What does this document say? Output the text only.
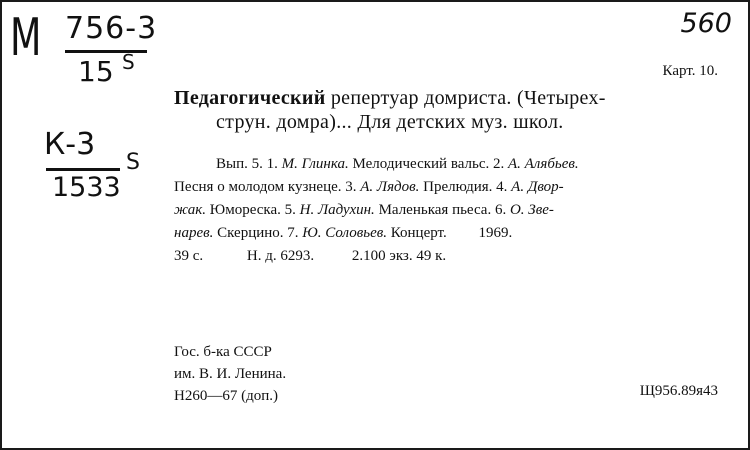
М 756-3
15 S
К-3
1533
S
560
Карт. 10.
Педагогический репертуар домриста. (Четырех-
струн. домра)... Для детских муз. школ.
Вып. 5. 1. М. Глинка. Мелодический вальс. 2. А. Алябьев.
Песня о молодом кузнеце. 3. А. Лядов. Прелюдия. 4. А. Двор-
жак. Юмореска. 5. Н. Ладухин. Маленькая пьеса. 6. О. Зве-
нарев. Скерцино. 7. Ю. Соловьев. Концерт. 1969.
39 с.	Н. д. 6293.	2.100 экз. 49 к.
Гос. б-ка СССР
им. В. И. Ленина.
Н260—67 (доп.)	Щ956.89я43
